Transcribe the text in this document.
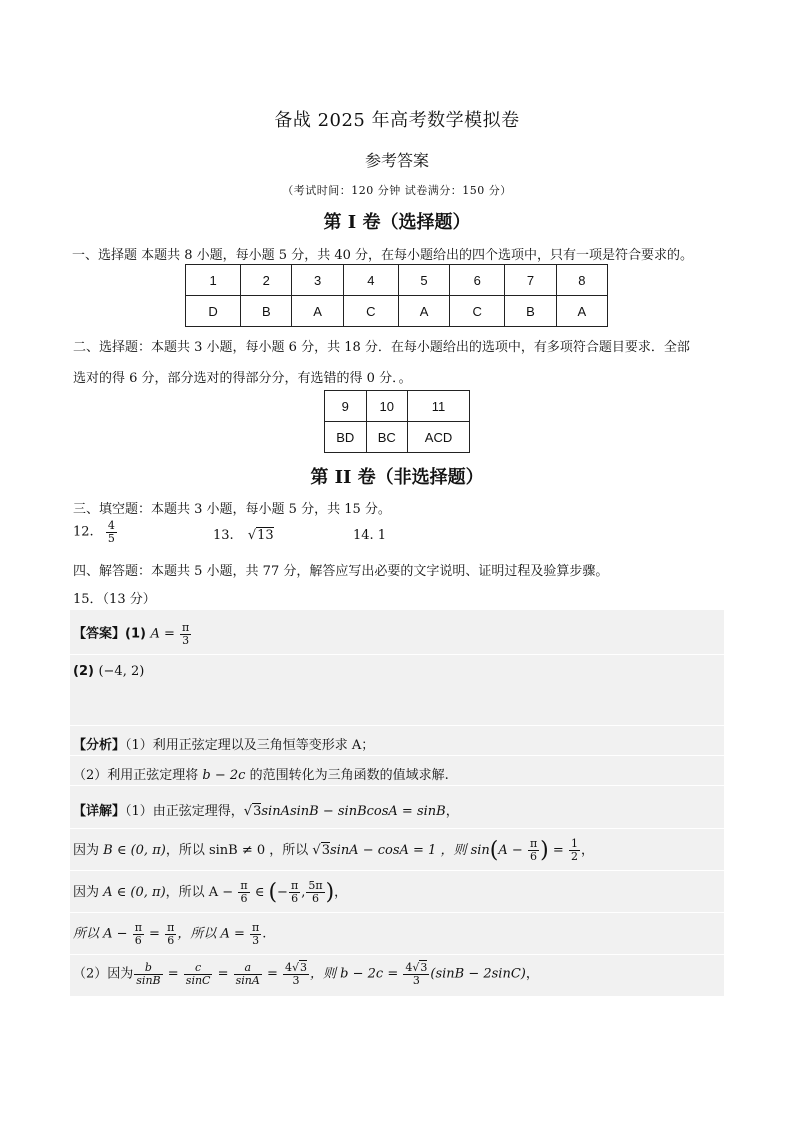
备战 2025 年高考数学模拟卷
参考答案
（考试时间：120 分钟 试卷满分：150 分）
第 I 卷（选择题）
一、选择题 本题共 8 小题，每小题 5 分，共 40 分，在每小题给出的四个选项中，只有一项是符合要求的。
1	2	3	4	5	6	7	8
D	B	A	C	A	C	B	A
二、选择题：本题共 3 小题，每小题 6 分，共 18 分．在每小题给出的选项中，有多项符合题目要求．全部
选对的得 6 分，部分选对的得部分分，有选错的得 0 分．。
9	10	11
BD	BC	ACD
第 II 卷（非选择题）
三、填空题：本题共 3 小题，每小题 5 分，共 15 分。
12. $\frac{4}{5}$	13. √13	14. 1
四、解答题：本题共 5 小题，共 77 分，解答应写出必要的文字说明、证明过程及验算步骤。
15．（13 分）
【答案】(1) $A = \frac{\pi}{3}$
(2) (−4, 2)
【分析】（1）利用正弦定理以及三角恒等变形求 A；
（2）利用正弦定理将 b − 2c 的范围转化为三角函数的值域求解.
【详解】（1）由正弦定理得，√3sinAsinB − sinBcosA = sinB，
因为 B ∈ (0, π)，所以 sinB ≠ 0 ，所以 √3sinA − cosA = 1 ，则 $\sin(A - \frac{\pi}{6}$ ) = $\frac{1}{2}$ ，
因为 A ∈ (0, π)，所以 $A - \frac{\pi}{6}$ ∈ (− $\frac{\pi}{6}$ , $\frac{5\pi}{6}$ )，
所以 $A - \frac{\pi}{6} = \frac{\pi}{6}$ ，所以 $A = \frac{\pi}{3}$ .
（2）因为 $\frac{b}{\sin B} = \frac{c}{\sin C} = \frac{a}{\sin A} = \frac{4√3}{3}$ ，则 $b - 2c = \frac{4√3}{3} (\sin B - 2\sin C)$，
